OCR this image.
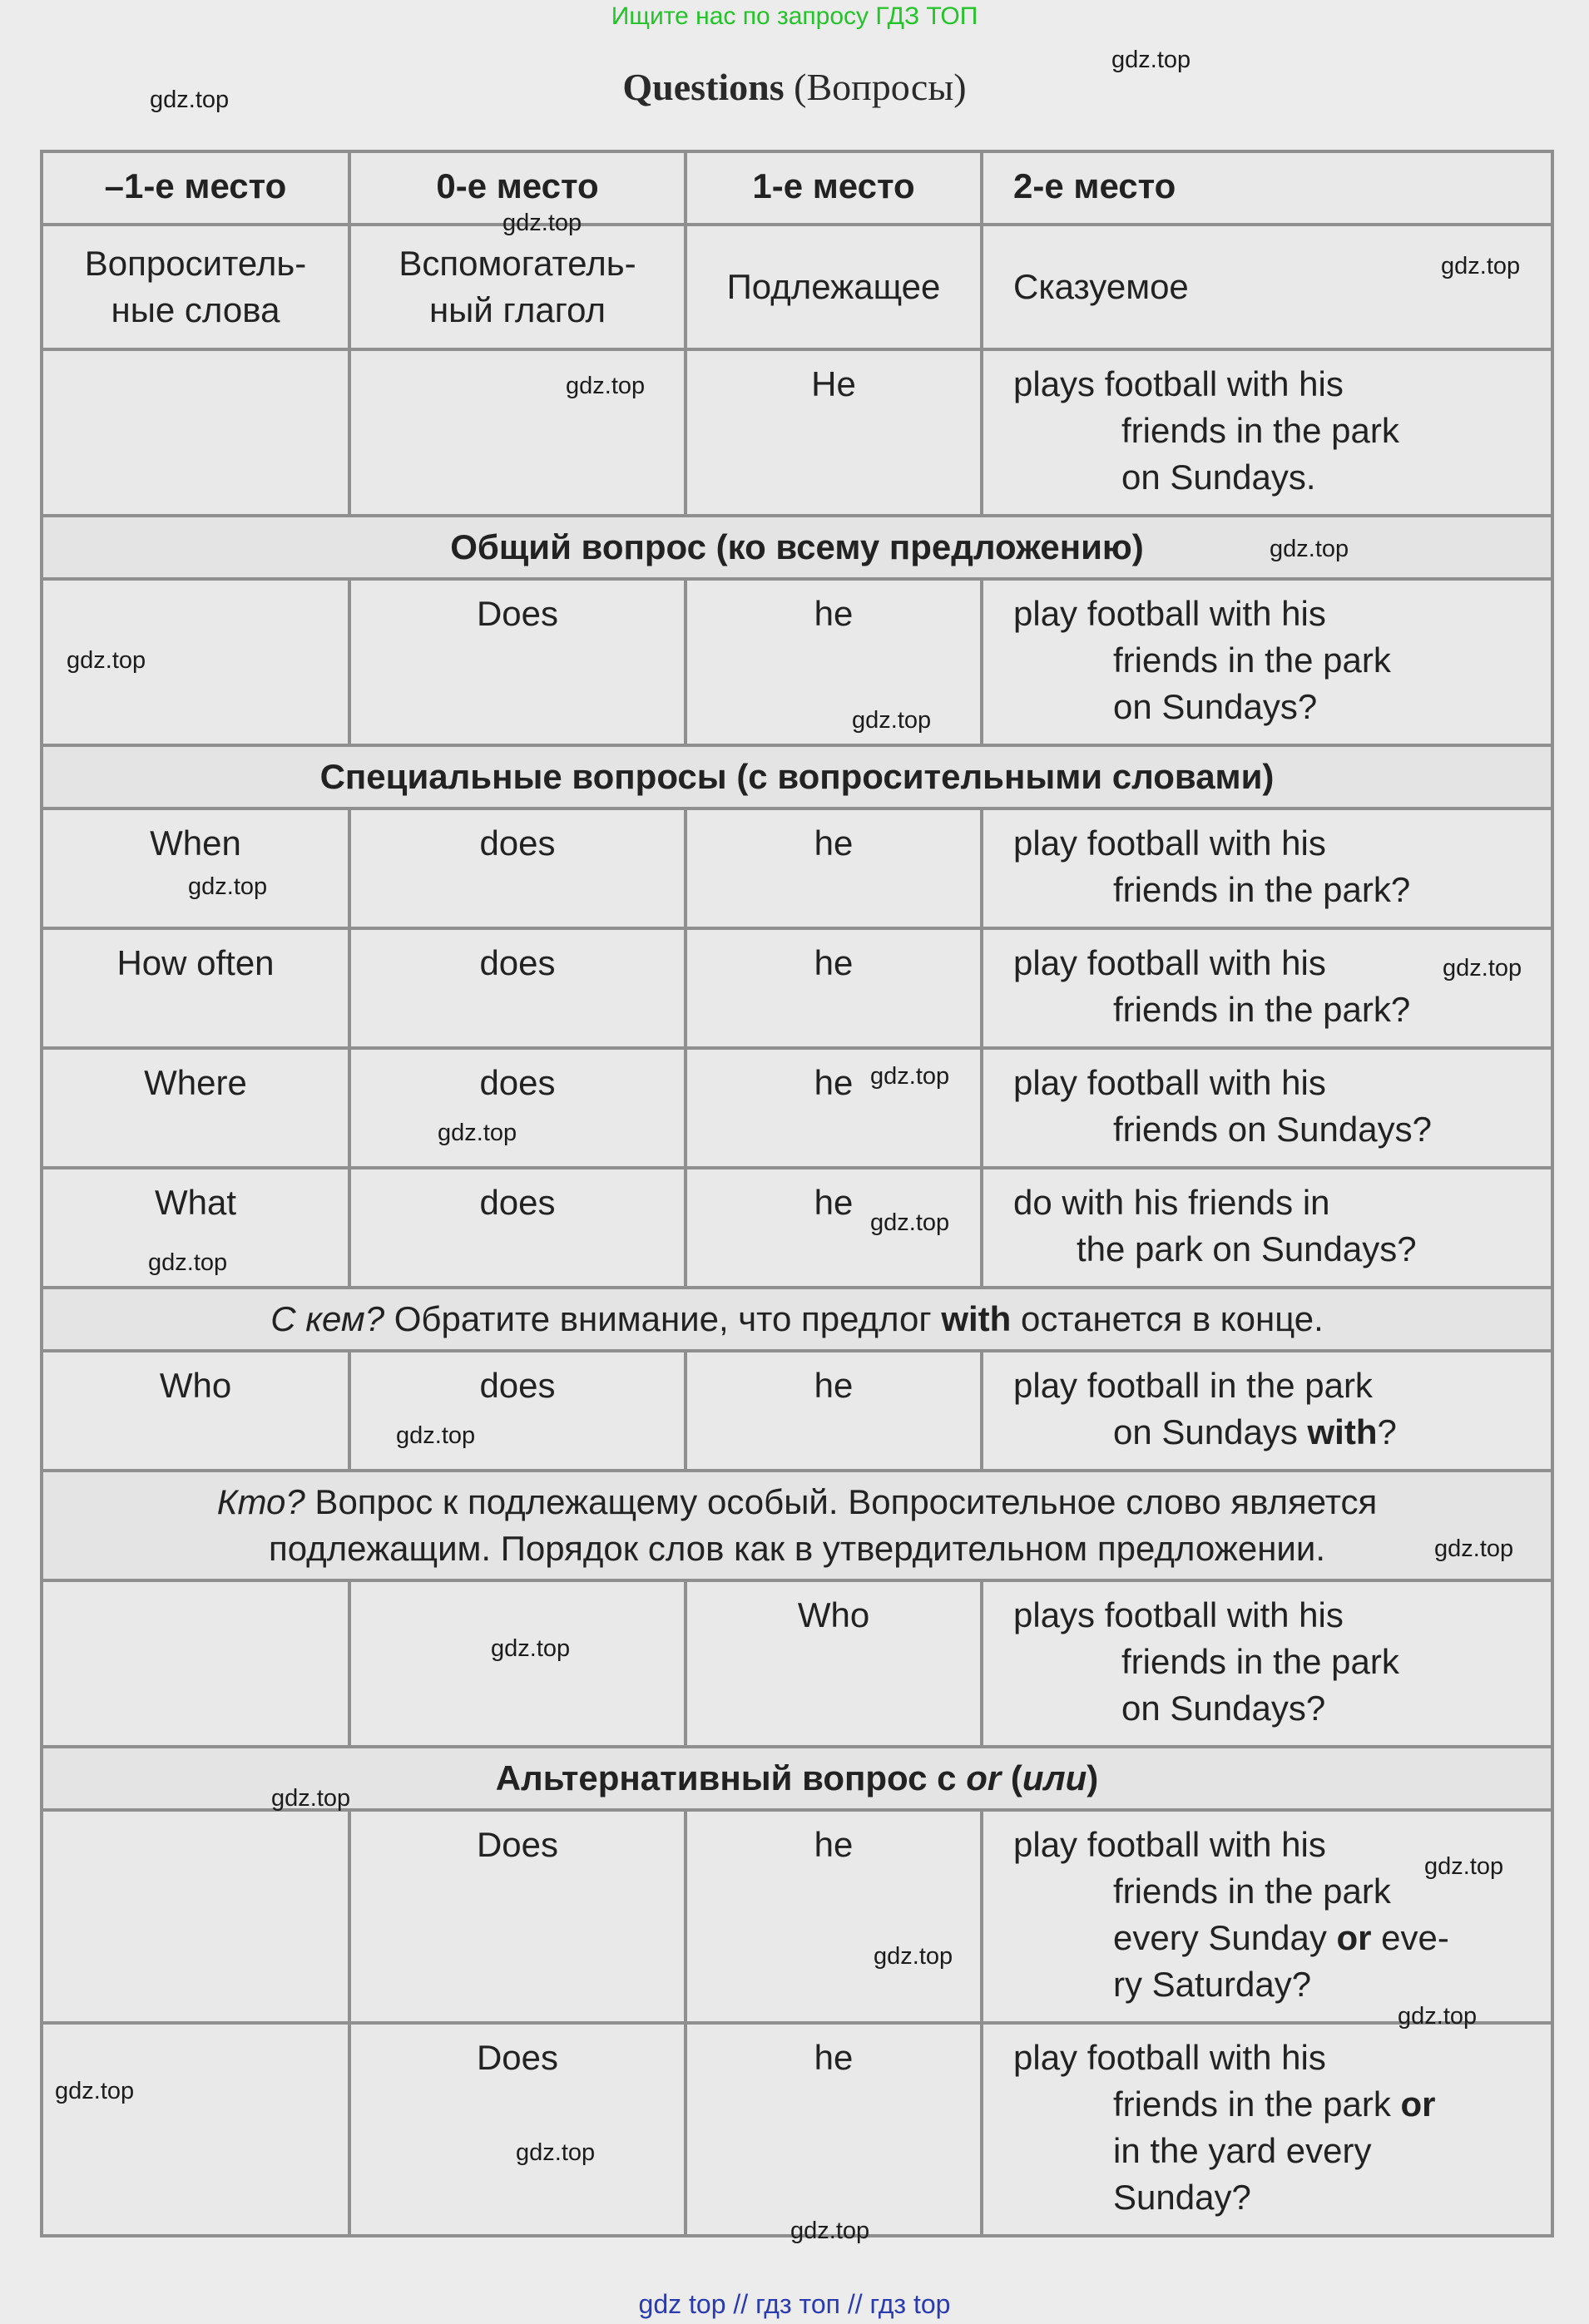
Ищите нас по запросу ГДЗ ТОП
Questions (Вопросы)
–1-е место	0-е место	1-е место	2-е место
Вопроситель-
ные слова	Вспомогатель-
ный глагол	Подлежащее	Сказуемое
		He	plays football with his
friends in the park
on Sundays.

Общий вопрос (ко всему предложению)			
	Does	he	play football with his
friends in the park
on Sundays?

Специальные вопросы (с вопросительными словами)			
When	does	he	play football with his
friends in the park?

How often	does	he	play football with his
friends in the park?

Where	does	he	play football with his
friends on Sundays?

What	does	he	do with his friends in
the park on Sundays?

С кем? Обратите внимание, что предлог with останется в конце.			
Who	does	he	play football in the park
on Sundays with?

Кто? Вопрос к подлежащему особый. Вопросительное слово является
подлежащим. Порядок слов как в утвердительном предложении.			
		Who	plays football with his
friends in the park
on Sundays?

Альтернативный вопрос с or (или)			
	Does	he	play football with his
friends in the park
every Sunday or eve-
ry Saturday?

	Does	he	play football with his
friends in the park or
in the yard every
Sunday?
gdz.top
gdz.top
gdz.top
gdz.top
gdz.top
gdz.top
gdz.top
gdz.top
gdz.top
gdz.top
gdz.top
gdz.top
gdz.top
gdz.top
gdz.top
gdz.top
gdz.top
gdz.top
gdz.top
gdz.top
gdz.top
gdz.top
gdz.top
gdz.top
gdz top // гдз топ // гдз top
